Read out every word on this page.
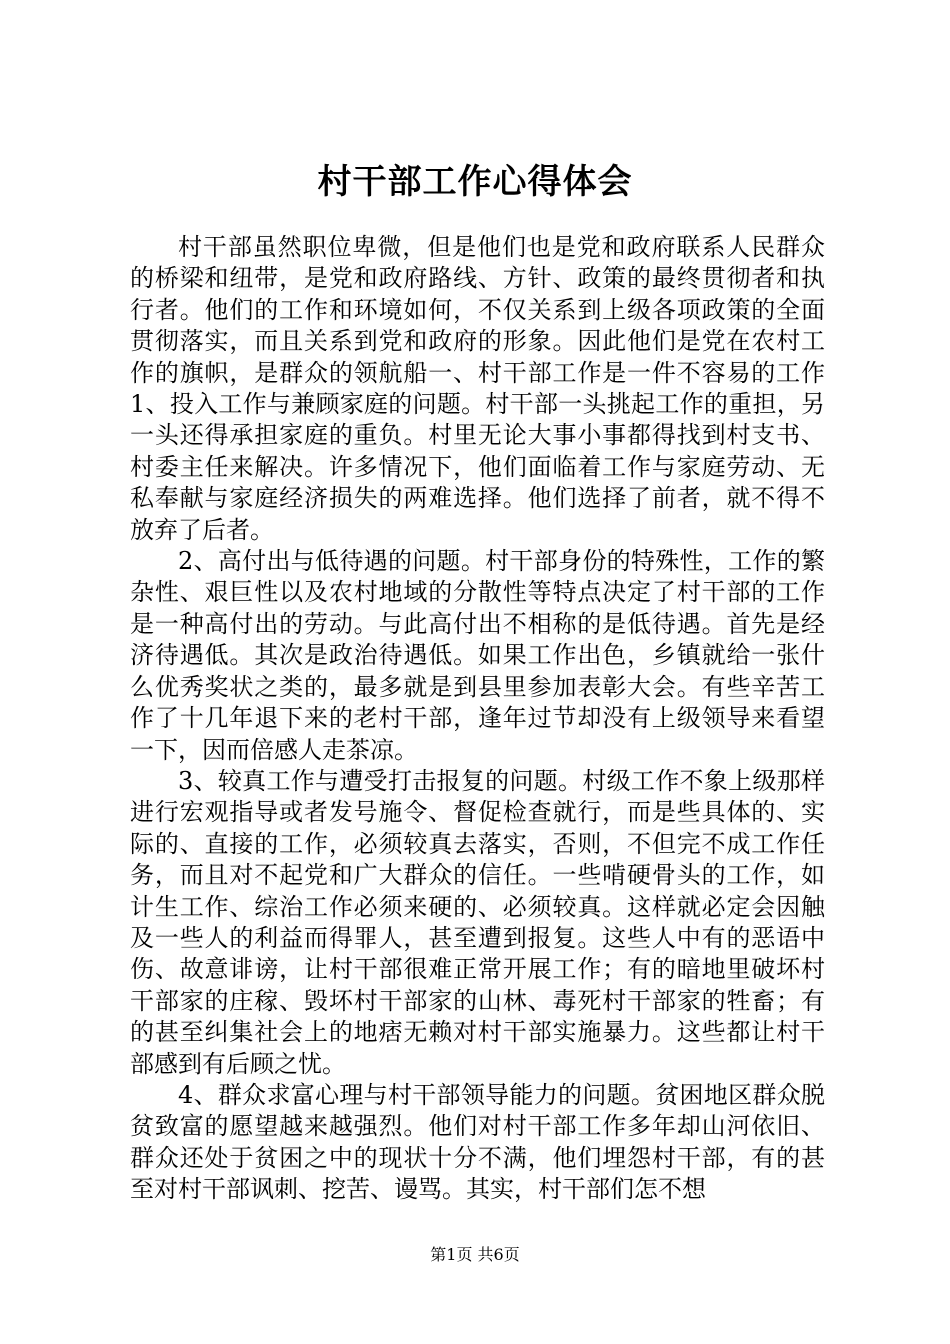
村干部工作心得体会

村干部虽然职位卑微，但是他们也是党和政府联系人民群众的桥梁和纽带，是党和政府路线、方针、政策的最终贯彻者和执行者。他们的工作和环境如何，不仅关系到上级各项政策的全面贯彻落实，而且关系到党和政府的形象。因此他们是党在农村工作的旗帜，是群众的领航船一、村干部工作是一件不容易的工作 1、投入工作与兼顾家庭的问题。村干部一头挑起工作的重担，另一头还得承担家庭的重负。村里无论大事小事都得找到村支书、村委主任来解决。许多情况下，他们面临着工作与家庭劳动、无私奉献与家庭经济损失的两难选择。他们选择了前者，就不得不放弃了后者。

2、高付出与低待遇的问题。村干部身份的特殊性，工作的繁杂性、艰巨性以及农村地域的分散性等特点决定了村干部的工作是一种高付出的劳动。与此高付出不相称的是低待遇。首先是经济待遇低。其次是政治待遇低。如果工作出色，乡镇就给一张什么优秀奖状之类的，最多就是到县里参加表彰大会。有些辛苦工作了十几年退下来的老村干部，逢年过节却没有上级领导来看望一下，因而倍感人走茶凉。

3、较真工作与遭受打击报复的问题。村级工作不象上级那样进行宏观指导或者发号施令、督促检查就行，而是些具体的、实际的、直接的工作，必须较真去落实，否则，不但完不成工作任务，而且对不起党和广大群众的信任。一些啃硬骨头的工作，如计生工作、综治工作必须来硬的、必须较真。这样就必定会因触及一些人的利益而得罪人，甚至遭到报复。这些人中有的恶语中伤、故意诽谤，让村干部很难正常开展工作；有的暗地里破坏村干部家的庄稼、毁坏村干部家的山林、毒死村干部家的牲畜；有的甚至纠集社会上的地痞无赖对村干部实施暴力。这些都让村干部感到有后顾之忧。

4、群众求富心理与村干部领导能力的问题。贫困地区群众脱贫致富的愿望越来越强烈。他们对村干部工作多年却山河依旧、群众还处于贫困之中的现状十分不满，他们埋怨村干部，有的甚至对村干部讽刺、挖苦、谩骂。其实，村干部们怎不想

第1页 共6页
